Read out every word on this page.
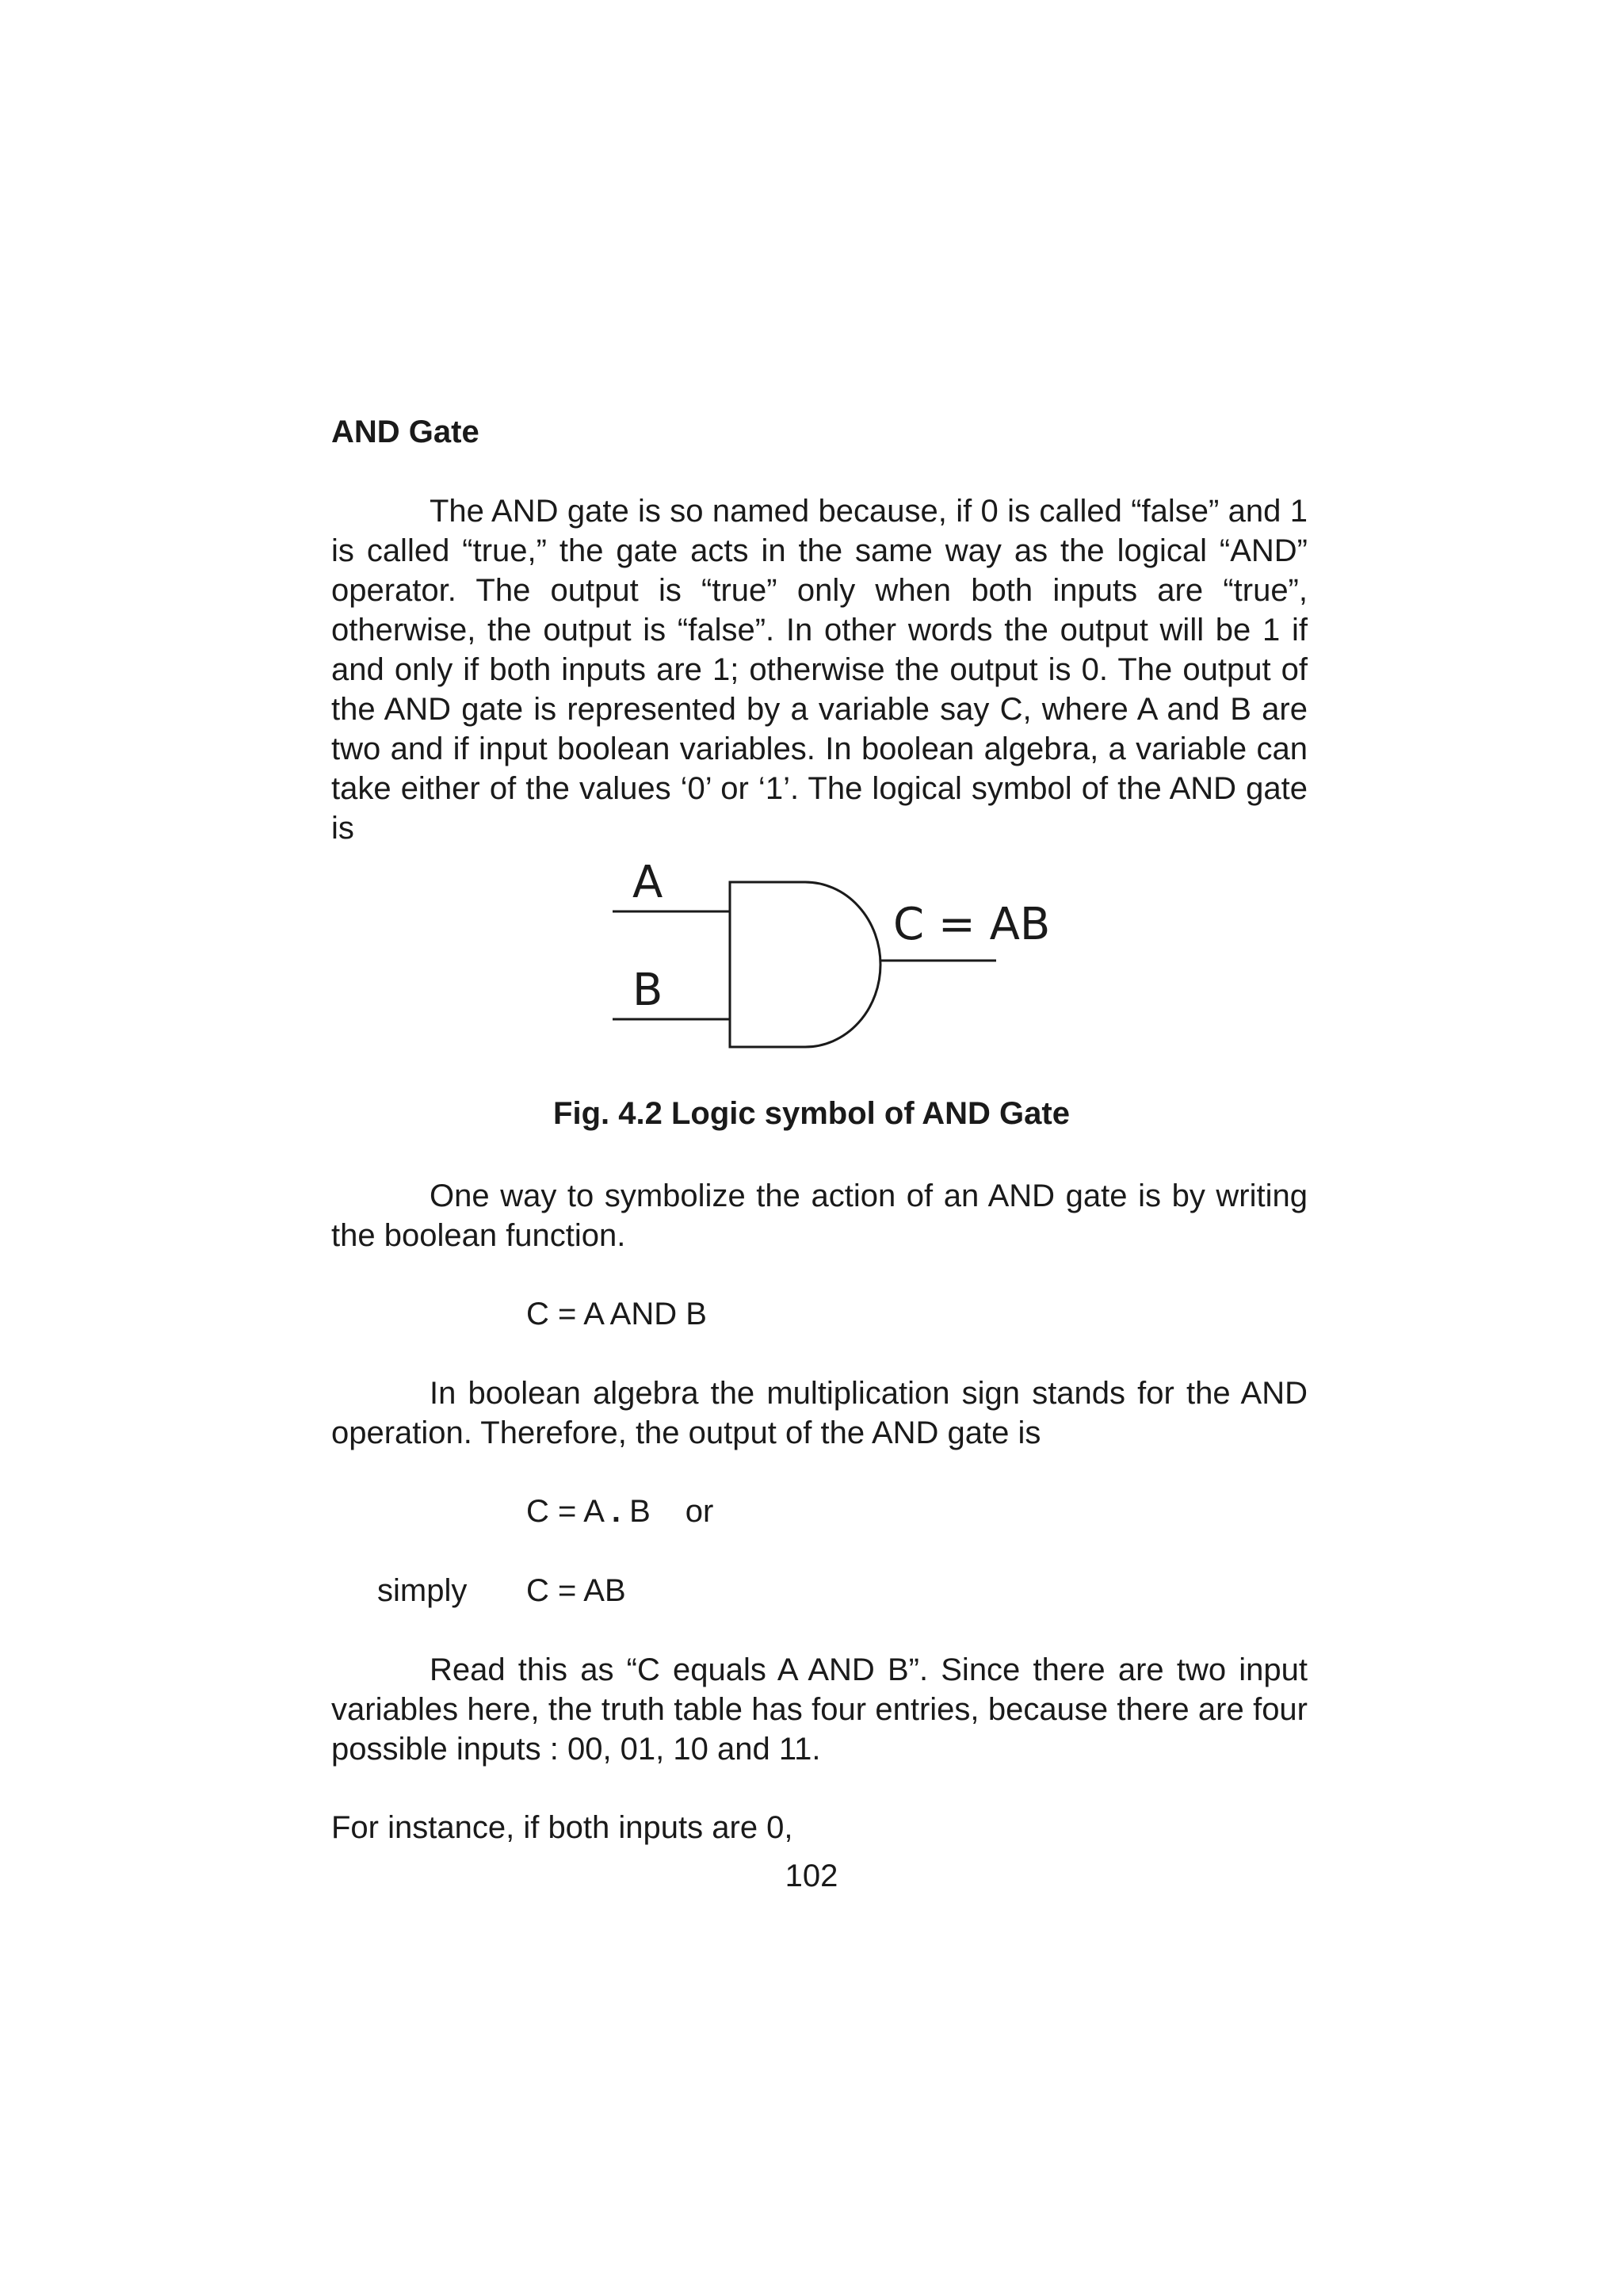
AND Gate
The AND gate is so named because, if 0 is called “false” and 1 is called “true,” the gate acts in the same way as the logical “AND” operator. The output is “true” only when both inputs are “true”, otherwise, the output is “false”. In other words the output will be 1 if and only if both inputs are 1; otherwise the output is 0. The output of the AND gate is represented by a variable say C, where A and B are two and if input boolean variables. In boolean algebra, a variable can take either of the values ‘0’ or ‘1’. The logical symbol of the AND gate is
A
B
C = AB
Fig. 4.2 Logic symbol of AND Gate
One way to symbolize the action of an AND gate is by writing the boolean function.
C = A AND B
In boolean algebra the multiplication sign stands for the AND operation. Therefore, the output of the AND gate is
C = A . B or
simply C = AB
Read this as “C equals A AND B”. Since there are two input variables here, the truth table has four entries, because there are four possible inputs : 00, 01, 10 and 11.
For instance, if both inputs are 0,
102
